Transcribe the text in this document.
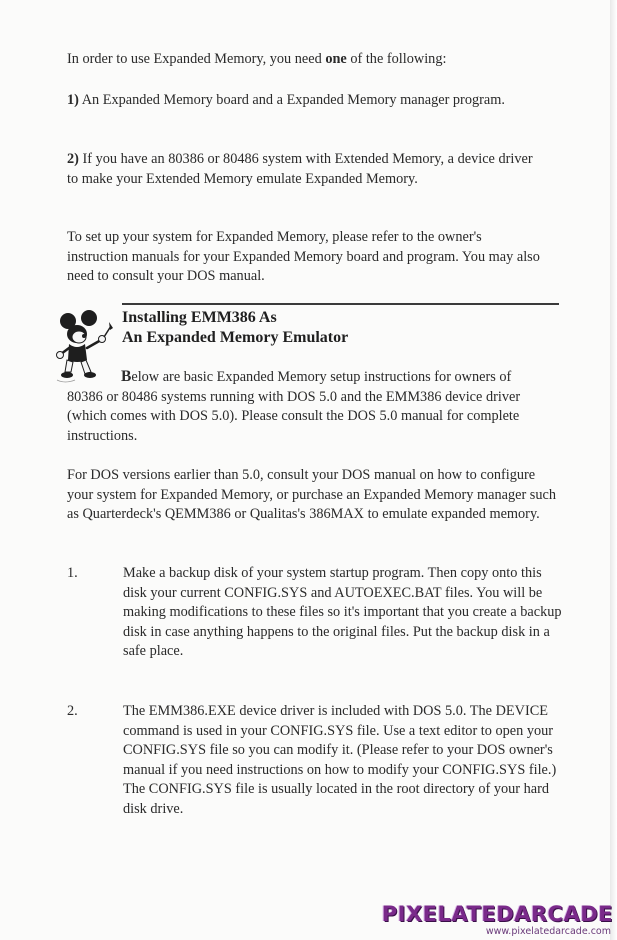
In order to use Expanded Memory, you need one of the following:

1) An Expanded Memory board and a Expanded Memory manager program.

2) If you have an 80386 or 80486 system with Extended Memory, a device driver to make your Extended Memory emulate Expanded Memory.

To set up your system for Expanded Memory, please refer to the owner's instruction manuals for your Expanded Memory board and program. You may also need to consult your DOS manual.

Installing EMM386 As
An Expanded Memory Emulator

Below are basic Expanded Memory setup instructions for owners of 80386 or 80486 systems running with DOS 5.0 and the EMM386 device driver (which comes with DOS 5.0). Please consult the DOS 5.0 manual for complete instructions.

For DOS versions earlier than 5.0, consult your DOS manual on how to configure your system for Expanded Memory, or purchase an Expanded Memory manager such as Quarterdeck's QEMM386 or Qualitas's 386MAX to emulate expanded memory.

1.	Make a backup disk of your system startup program. Then copy onto this disk your current CONFIG.SYS and AUTOEXEC.BAT files. You will be making modifications to these files so it's important that you create a backup disk in case anything happens to the original files. Put the backup disk in a safe place.
2.	The EMM386.EXE device driver is included with DOS 5.0. The DEVICE command is used in your CONFIG.SYS file. Use a text editor to open your CONFIG.SYS file so you can modify it. (Please refer to your DOS owner's manual if you need instructions on how to modify your CONFIG.SYS file.) The CONFIG.SYS file is usually located in the root directory of your hard disk drive.
PIXELATEDARCADE
www.pixelatedarcade.com
